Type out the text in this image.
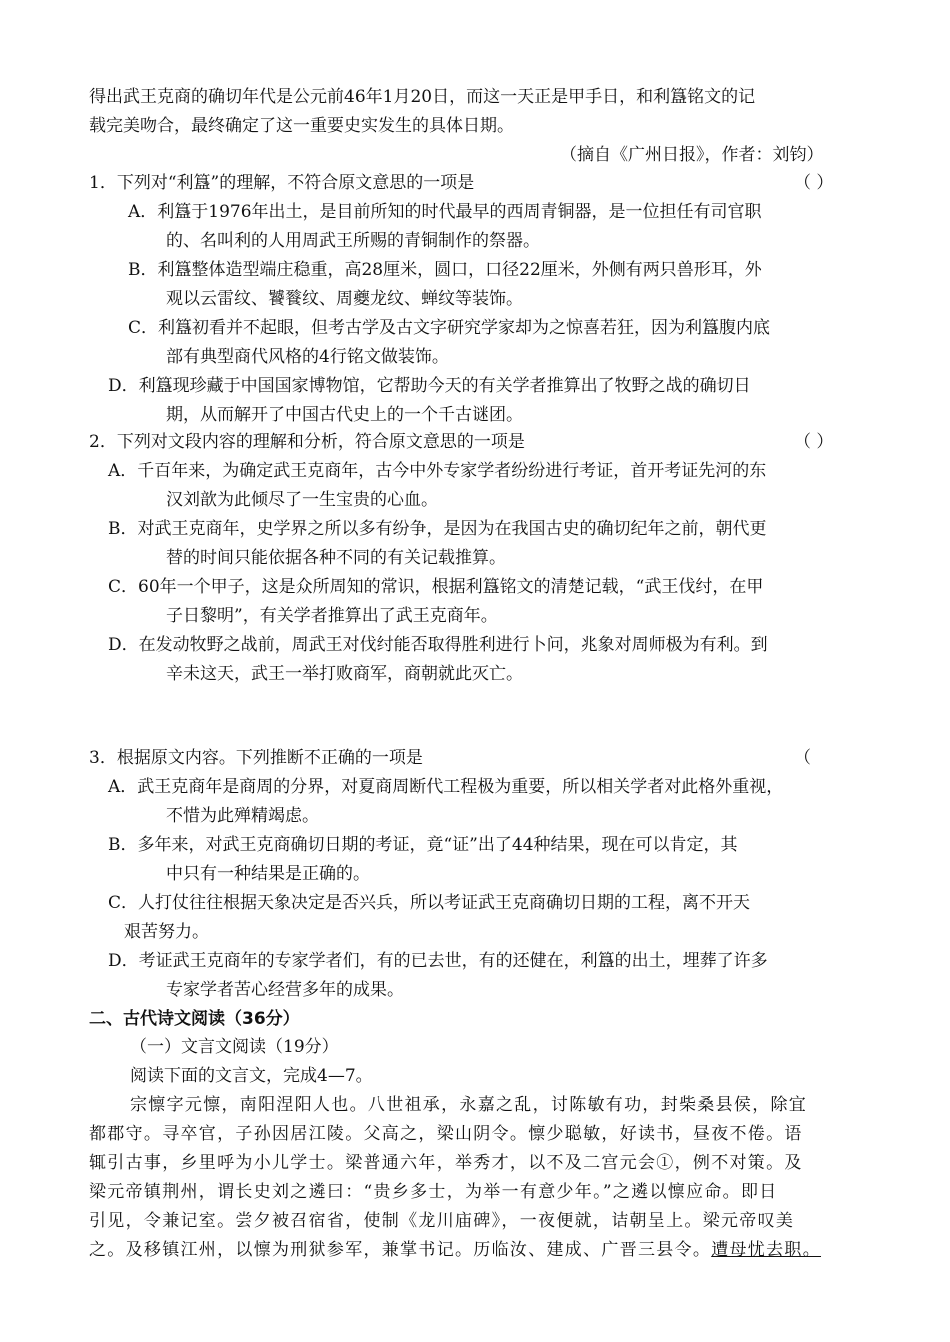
得出武王克商的确切年代是公元前46年1月20日，而这一天正是甲手日，和利簋铭文的记
载完美吻合，最终确定了这一重要史实发生的具体日期。
（摘自《广州日报》，作者：刘钧）
1．下列对“利簋”的理解，不符合原文意思的一项是	（ ）
A．利簋于1976年出土，是目前所知的时代最早的西周青铜器，是一位担任有司官职
的、名叫利的人用周武王所赐的青铜制作的祭器。
B．利簋整体造型端庄稳重，高28厘米，圆口，口径22厘米，外侧有两只兽形耳，外
观以云雷纹、饕餮纹、周夔龙纹、蝉纹等装饰。
C．利簋初看并不起眼，但考古学及古文字研究学家却为之惊喜若狂，因为利簋腹内底
部有典型商代风格的4行铭文做装饰。
D．利簋现珍藏于中国国家博物馆，它帮助今天的有关学者推算出了牧野之战的确切日
期，从而解开了中国古代史上的一个千古谜团。
2．下列对文段内容的理解和分析，符合原文意思的一项是	（ ）
A．千百年来，为确定武王克商年，古今中外专家学者纷纷进行考证，首开考证先河的东
汉刘歆为此倾尽了一生宝贵的心血。
B．对武王克商年，史学界之所以多有纷争，是因为在我国古史的确切纪年之前，朝代更
替的时间只能依据各种不同的有关记载推算。
C．60年一个甲子，这是众所周知的常识，根据利簋铭文的清楚记载，“武王伐纣，在甲
子日黎明”，有关学者推算出了武王克商年。
D．在发动牧野之战前，周武王对伐纣能否取得胜利进行卜问，兆象对周师极为有利。到
辛未这天，武王一举打败商军，商朝就此灭亡。
3．根据原文内容。下列推断不正确的一项是	（
A．武王克商年是商周的分界，对夏商周断代工程极为重要，所以相关学者对此格外重视，
不惜为此殚精竭虑。
B．多年来，对武王克商确切日期的考证，竟“证”出了44种结果，现在可以肯定，其
中只有一种结果是正确的。
C．人打仗往往根据天象决定是否兴兵，所以考证武王克商确切日期的工程，离不开天
艰苦努力。
D．考证武王克商年的专家学者们，有的已去世，有的还健在，利簋的出土，埋葬了许多
专家学者苦心经营多年的成果。
二、古代诗文阅读（36分）
（一）文言文阅读（19分）
阅读下面的文言文，完成4—7。
宗懔字元懔，南阳涅阳人也。八世祖承，永嘉之乱，讨陈敏有功，封柴桑县侯，除宜
都郡守。寻卒官，子孙因居江陵。父高之，梁山阴令。懔少聪敏，好读书，昼夜不倦。语
辄引古事，乡里呼为小儿学士。梁普通六年，举秀才，以不及二宫元会①，例不对策。及
梁元帝镇荆州，谓长史刘之遴曰：“贵乡多士，为举一有意少年。”之遴以懔应命。即日
引见，令兼记室。尝夕被召宿省，使制《龙川庙碑》，一夜便就，诘朝呈上。梁元帝叹美
之。及移镇江州，以懔为刑狱参军，兼掌书记。历临汝、建成、广晋三县令。遭母忧去职。
